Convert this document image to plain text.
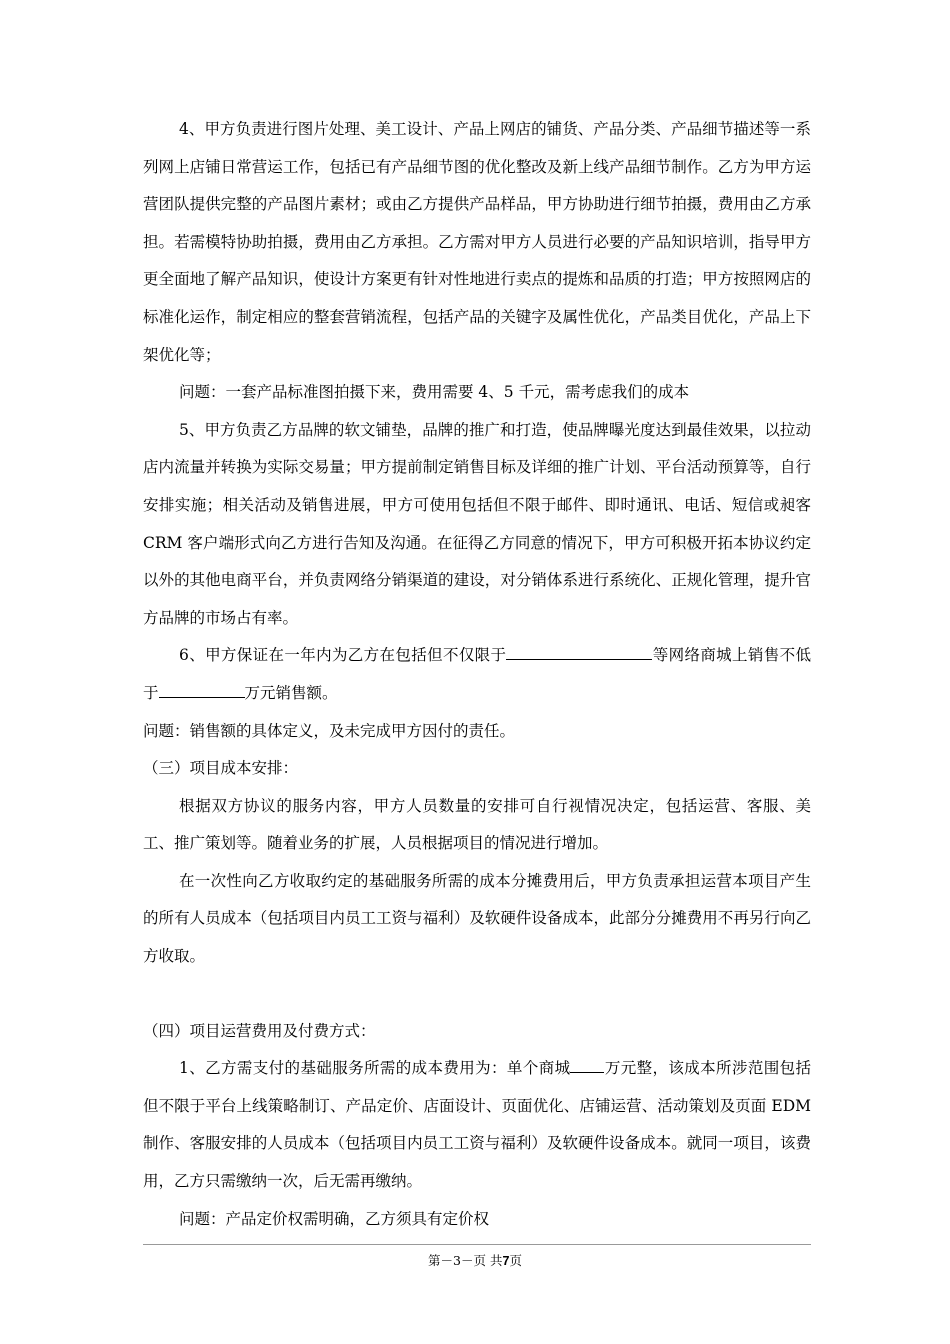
4、甲方负责进行图片处理、美工设计、产品上网店的铺货、产品分类、产品细节描述等一系列网上店铺日常营运工作，包括已有产品细节图的优化整改及新上线产品细节制作。乙方为甲方运营团队提供完整的产品图片素材；或由乙方提供产品样品，甲方协助进行细节拍摄，费用由乙方承担。若需模特协助拍摄，费用由乙方承担。乙方需对甲方人员进行必要的产品知识培训，指导甲方更全面地了解产品知识，使设计方案更有针对性地进行卖点的提炼和品质的打造；甲方按照网店的标准化运作，制定相应的整套营销流程，包括产品的关键字及属性优化，产品类目优化，产品上下架优化等；

问题：一套产品标准图拍摄下来，费用需要 4、5 千元，需考虑我们的成本

5、甲方负责乙方品牌的软文铺垫，品牌的推广和打造，使品牌曝光度达到最佳效果，以拉动店内流量并转换为实际交易量；甲方提前制定销售目标及详细的推广计划、平台活动预算等，自行安排实施；相关活动及销售进展，甲方可使用包括但不限于邮件、即时通讯、电话、短信或昶客 CRM 客户端形式向乙方进行告知及沟通。在征得乙方同意的情况下，甲方可积极开拓本协议约定以外的其他电商平台，并负责网络分销渠道的建设，对分销体系进行系统化、正规化管理，提升官方品牌的市场占有率。

6、甲方保证在一年内为乙方在包括但不仅限于	等网络商城上销售不低于	万元销售额。

问题：销售额的具体定义，及未完成甲方因付的责任。

（三）项目成本安排：

根据双方协议的服务内容，甲方人员数量的安排可自行视情况决定，包括运营、客服、美工、推广策划等。随着业务的扩展，人员根据项目的情况进行增加。

在一次性向乙方收取约定的基础服务所需的成本分摊费用后，甲方负责承担运营本项目产生的所有人员成本（包括项目内员工工资与福利）及软硬件设备成本，此部分分摊费用不再另行向乙方收取。

（四）项目运营费用及付费方式：

1、乙方需支付的基础服务所需的成本费用为：单个商城 万元整，该成本所涉范围包括但不限于平台上线策略制订、产品定价、店面设计、页面优化、店铺运营、活动策划及页面 EDM 制作、客服安排的人员成本（包括项目内员工工资与福利）及软硬件设备成本。就同一项目，该费用，乙方只需缴纳一次，后无需再缴纳。

问题：产品定价权需明确，乙方须具有定价权

第－3－页 共7页
